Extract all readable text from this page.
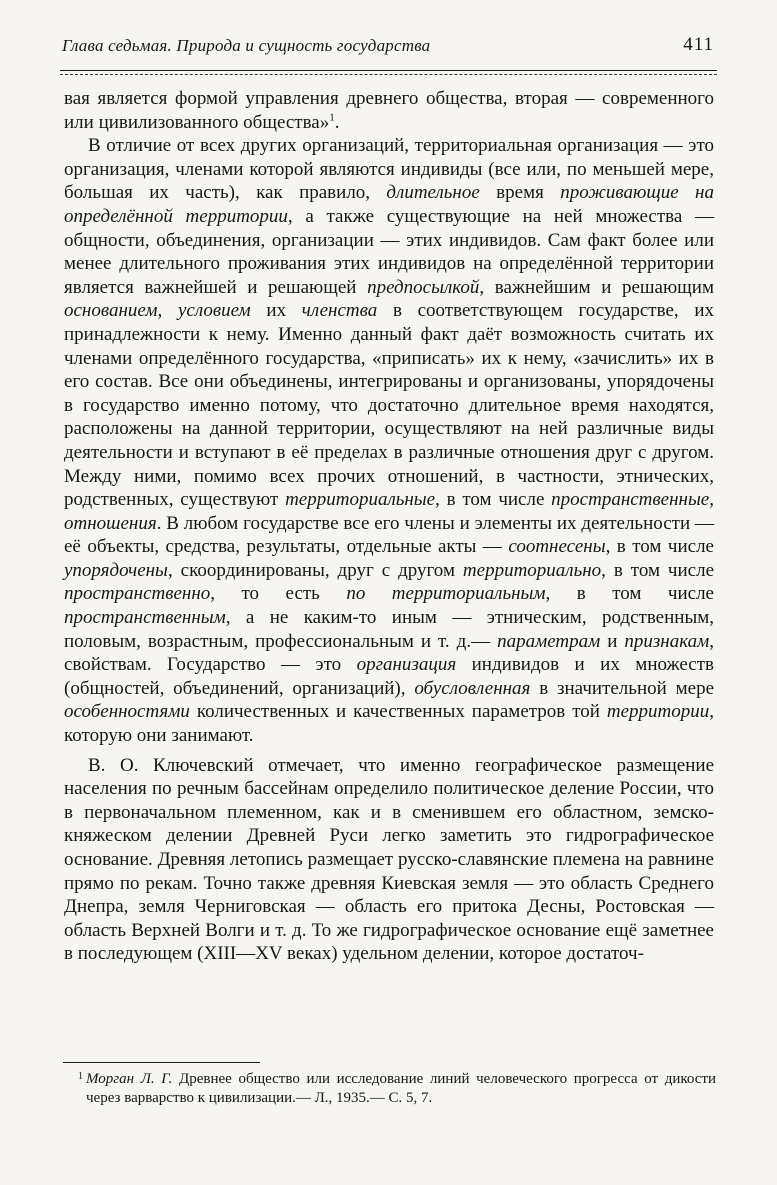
Глава седьмая. Природа и сущность государства	411

вая является формой управления древнего общества, вторая — современного или цивилизованного общества»$^1$.

В отличие от всех других организаций, территориальная организация — это организация, членами которой являются индивиды (все или, по меньшей мере, большая их часть), как правило, длительное время проживающие на определённой территории, а также существующие на ней множества — общности, объединения, организации — этих индивидов. Сам факт более или менее длительного проживания этих индивидов на определённой территории является важнейшей и решающей предпосылкой, важнейшим и решающим основанием, условием их членства в соответствующем государстве, их принадлежности к нему. Именно данный факт даёт возможность считать их членами определённого государства, «приписать» их к нему, «зачислить» их в его состав. Все они объединены, интегрированы и организованы, упорядочены в государство именно потому, что достаточно длительное время находятся, расположены на данной территории, осуществляют на ней различные виды деятельности и вступают в её пределах в различные отношения друг с другом. Между ними, помимо всех прочих отношений, в частности, этнических, родственных, существуют территориальные, в том числе пространственные, отношения. В любом государстве все его члены и элементы их деятельности — её объекты, средства, результаты, отдельные акты — соотнесены, в том числе упорядочены, скоординированы, друг с другом территориально, в том числе пространственно, то есть по территориальным, в том числе пространственным, а не каким-то иным — этническим, родственным, половым, возрастным, профессиональным и т. д.— параметрам и признакам, свойствам. Государство — это организация индивидов и их множеств (общностей, объединений, организаций), обусловленная в значительной мере особенностями количественных и качественных параметров той территории, которую они занимают.

В. О. Ключевский отмечает, что именно географическое размещение населения по речным бассейнам определило политическое деление России, что в первоначальном племенном, как и в сменившем его областном, земско-княжеском делении Древней Руси легко заметить это гидрографическое основание. Древняя летопись размещает русско-славянские племена на равнине прямо по рекам. Точно также древняя Киевская земля — это область Среднего Днепра, земля Черниговская — область его притока Десны, Ростовская — область Верхней Волги и т. д. То же гидрографическое основание ещё заметнее в последующем (XIII—XV веках) удельном делении, которое достаточ-

1 Морган Л. Г. Древнее общество или исследование линий человеческого прогресса от дикости через варварство к цивилизации.— Л., 1935.— С. 5, 7.
